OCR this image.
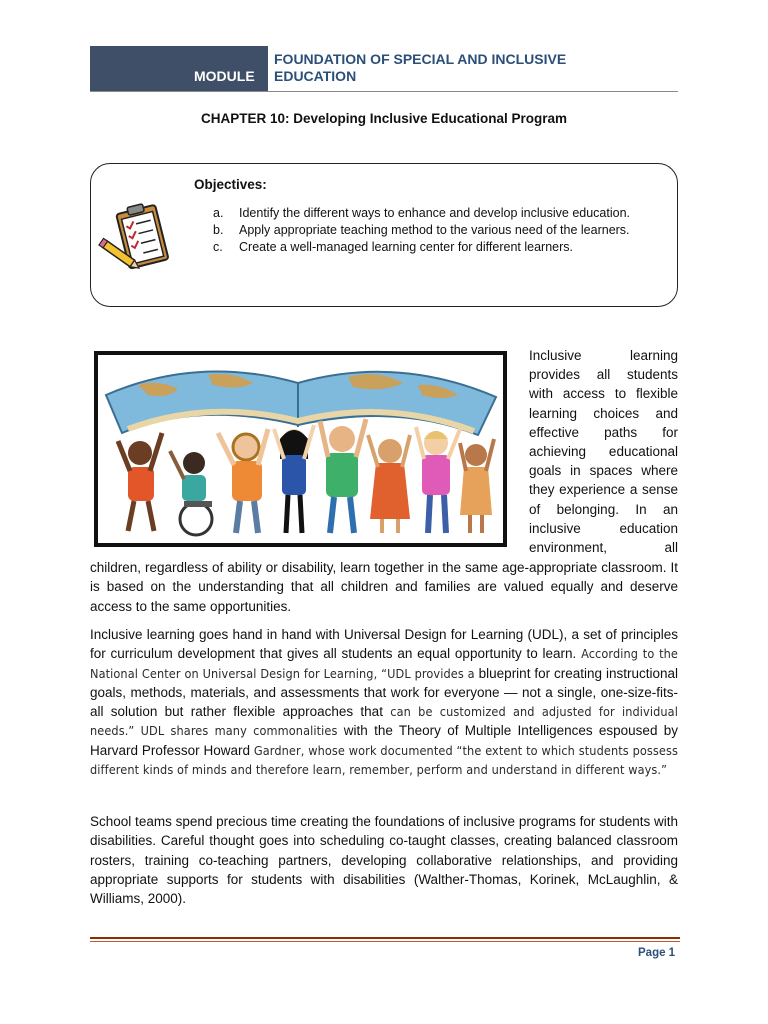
MODULE
FOUNDATION OF SPECIAL AND INCLUSIVE
EDUCATION
CHAPTER 10: Developing Inclusive Educational Program
Objectives:
a.	Identify the different ways to enhance and develop inclusive education.
b.	Apply appropriate teaching method to the various need of the learners.
c.	Create a well-managed learning center for different learners.
Inclusive learning provides all students with access to flexible learning choices and effective paths for achieving educational goals in spaces where they experience a sense of belonging. In an inclusive education environment, all
children, regardless of ability or disability, learn together in the same age-appropriate classroom. It is based on the understanding that all children and families are valued equally and deserve access to the same opportunities.
Inclusive learning goes hand in hand with Universal Design for Learning (UDL), a set of principles for curriculum development that gives all students an equal opportunity to learn. According to the National Center on Universal Design for Learning, “UDL provides a blueprint for creating instructional goals, methods, materials, and assessments that work for everyone — not a single, one-size-fits-all solution but rather flexible approaches that can be customized and adjusted for individual needs.” UDL shares many commonalities with the Theory of Multiple Intelligences espoused by Harvard Professor Howard Gardner, whose work documented “the extent to which students possess different kinds of minds and therefore learn, remember, perform and understand in different ways.”
School teams spend precious time creating the foundations of inclusive programs for students with disabilities. Careful thought goes into scheduling co-taught classes, creating balanced classroom rosters, training co-teaching partners, developing collaborative relationships, and providing appropriate supports for students with disabilities (Walther-Thomas, Korinek, McLaughlin, & Williams, 2000).
Page 1
